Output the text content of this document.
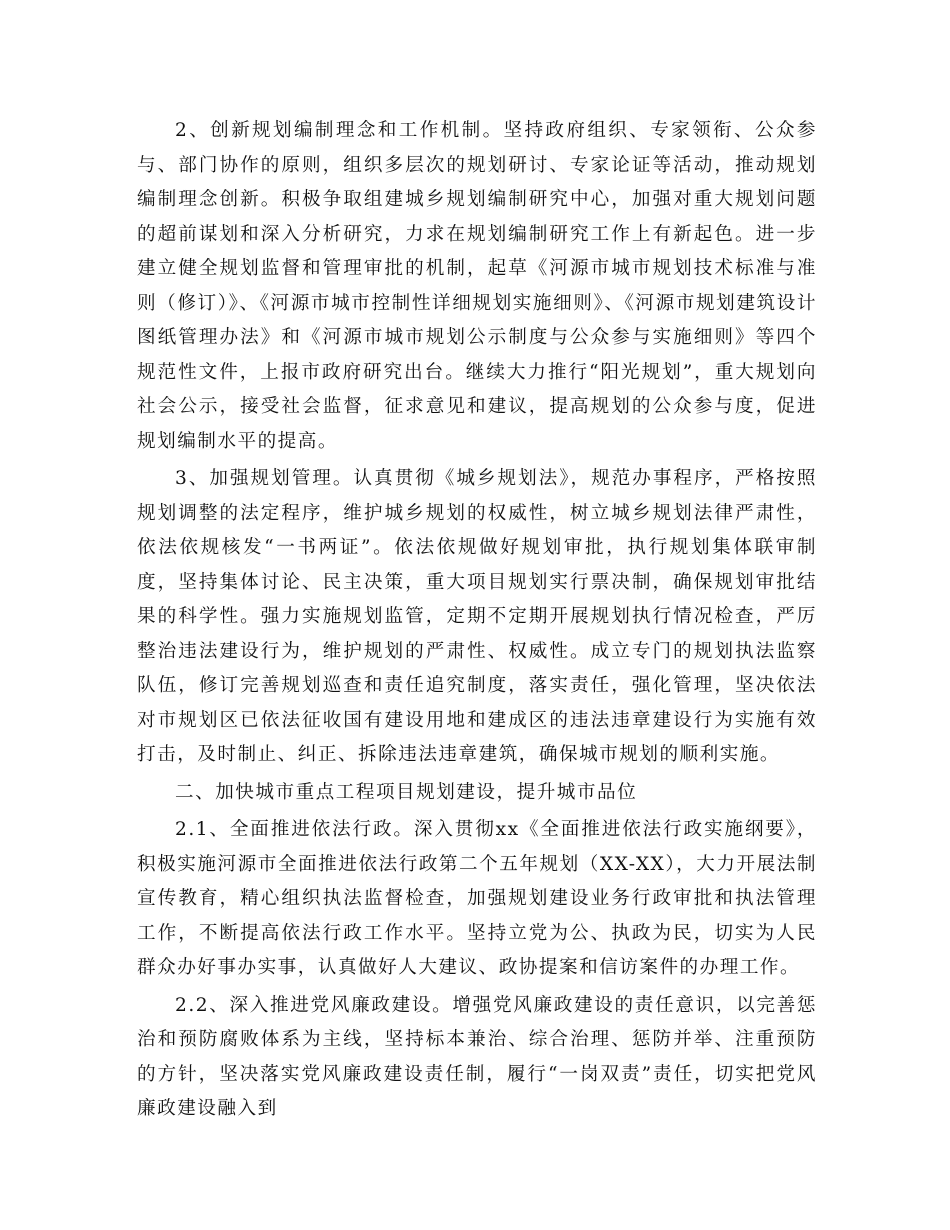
2、创新规划编制理念和工作机制。坚持政府组织、专家领衔、公众参与、部门协作的原则，组织多层次的规划研讨、专家论证等活动，推动规划编制理念创新。积极争取组建城乡规划编制研究中心，加强对重大规划问题的超前谋划和深入分析研究，力求在规划编制研究工作上有新起色。进一步建立健全规划监督和管理审批的机制，起草《河源市城市规划技术标准与准则（修订）》、《河源市城市控制性详细规划实施细则》、《河源市规划建筑设计图纸管理办法》和《河源市城市规划公示制度与公众参与实施细则》等四个规范性文件，上报市政府研究出台。继续大力推行“阳光规划”，重大规划向社会公示，接受社会监督，征求意见和建议，提高规划的公众参与度，促进规划编制水平的提高。

3、加强规划管理。认真贯彻《城乡规划法》，规范办事程序，严格按照规划调整的法定程序，维护城乡规划的权威性，树立城乡规划法律严肃性，依法依规核发“一书两证”。依法依规做好规划审批，执行规划集体联审制度，坚持集体讨论、民主决策，重大项目规划实行票决制，确保规划审批结果的科学性。强力实施规划监管，定期不定期开展规划执行情况检查，严厉整治违法建设行为，维护规划的严肃性、权威性。成立专门的规划执法监察队伍，修订完善规划巡查和责任追究制度，落实责任，强化管理，坚决依法对市规划区已依法征收国有建设用地和建成区的违法违章建设行为实施有效打击，及时制止、纠正、拆除违法违章建筑，确保城市规划的顺利实施。

二、加快城市重点工程项目规划建设，提升城市品位

2.1、全面推进依法行政。深入贯彻xx《全面推进依法行政实施纲要》，积极实施河源市全面推进依法行政第二个五年规划（XX-XX），大力开展法制宣传教育，精心组织执法监督检查，加强规划建设业务行政审批和执法管理工作，不断提高依法行政工作水平。坚持立党为公、执政为民，切实为人民群众办好事办实事，认真做好人大建议、政协提案和信访案件的办理工作。

2.2、深入推进党风廉政建设。增强党风廉政建设的责任意识，以完善惩治和预防腐败体系为主线，坚持标本兼治、综合治理、惩防并举、注重预防的方针，坚决落实党风廉政建设责任制，履行“一岗双责”责任，切实把党风廉政建设融入到
